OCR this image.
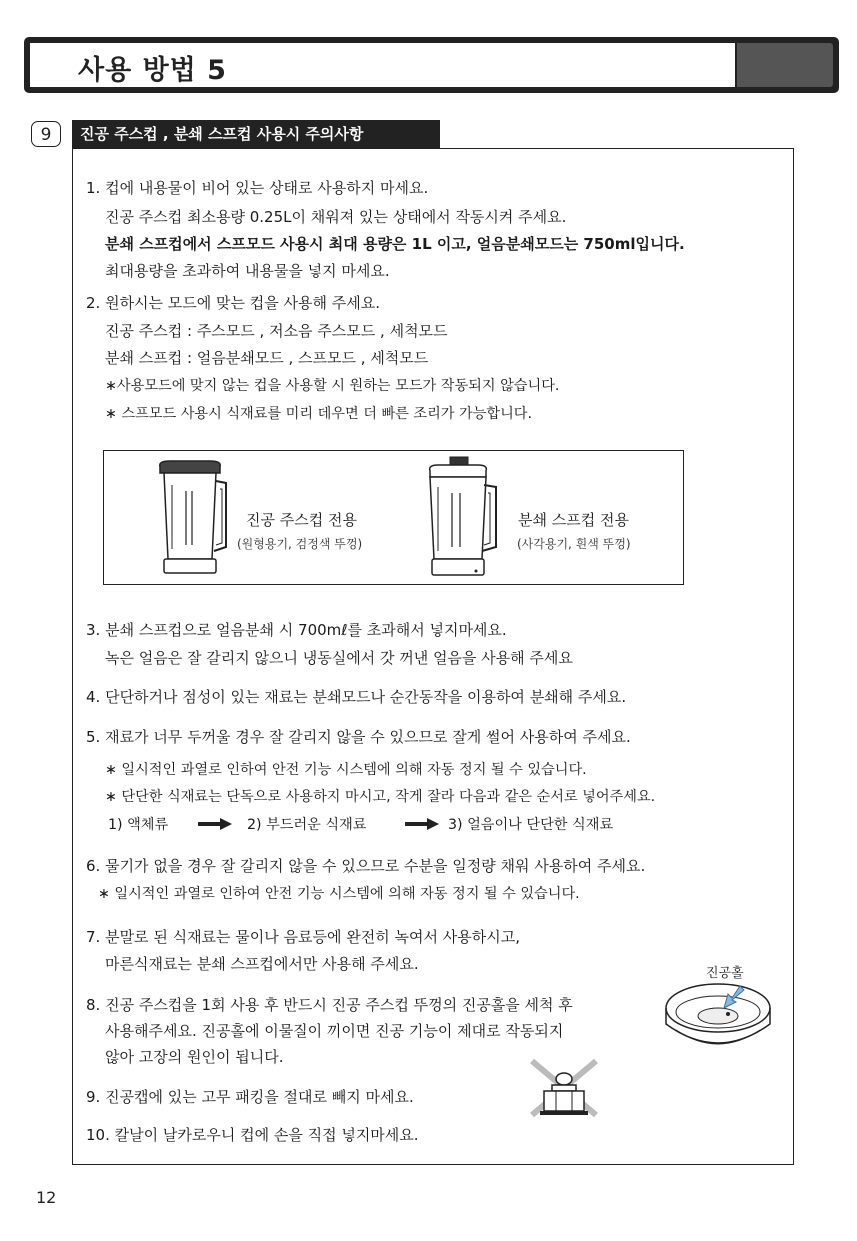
사용 방법 5
9	진공 주스컵 , 분쇄 스프컵 사용시 주의사항
1. 컵에 내용물이 비어 있는 상태로 사용하지 마세요.
진공 주스컵 최소용량 0.25L이 채워져 있는 상태에서 작동시켜 주세요.
분쇄 스프컵에서 스프모드 사용시 최대 용량은 1L 이고, 얼음분쇄모드는 750ml입니다.
최대용량을 초과하여 내용물을 넣지 마세요.
2. 원하시는 모드에 맞는 컵을 사용해 주세요.
진공 주스컵 : 주스모드 , 저소음 주스모드 , 세척모드
분쇄 스프컵 : 얼음분쇄모드 , 스프모드 , 세척모드
∗사용모드에 맞지 않는 컵을 사용할 시 원하는 모드가 작동되지 않습니다.
∗ 스프모드 사용시 식재료를 미리 데우면 더 빠른 조리가 가능합니다.
진공 주스컵 전용
(원형용기, 검정색 뚜껑)
분쇄 스프컵 전용
(사각용기, 흰색 뚜껑)
3. 분쇄 스프컵으로 얼음분쇄 시 700mℓ를 초과해서 넣지마세요.
녹은 얼음은 잘 갈리지 않으니 냉동실에서 갓 꺼낸 얼음을 사용해 주세요
4. 단단하거나 점성이 있는 재료는 분쇄모드나 순간동작을 이용하여 분쇄해 주세요.
5. 재료가 너무 두꺼울 경우 잘 갈리지 않을 수 있으므로 잘게 썰어 사용하여 주세요.
∗ 일시적인 과열로 인하여 안전 기능 시스템에 의해 자동 정지 될 수 있습니다.
∗ 단단한 식재료는 단독으로 사용하지 마시고, 작게 잘라 다음과 같은 순서로 넣어주세요.
1) 액체류	2) 부드러운 식재료	3) 얼음이나 단단한 식재료
6. 물기가 없을 경우 잘 갈리지 않을 수 있으므로 수분을 일정량 채워 사용하여 주세요.
∗ 일시적인 과열로 인하여 안전 기능 시스템에 의해 자동 정지 될 수 있습니다.
7. 분말로 된 식재료는 물이나 음료등에 완전히 녹여서 사용하시고,
마른식재료는 분쇄 스프컵에서만 사용해 주세요.
진공홀
8. 진공 주스컵을 1회 사용 후 반드시 진공 주스컵 뚜껑의 진공홀을 세척 후
사용해주세요. 진공홀에 이물질이 끼이면 진공 기능이 제대로 작동되지
않아 고장의 원인이 됩니다.
9. 진공캡에 있는 고무 패킹을 절대로 빼지 마세요.
10. 칼날이 날카로우니 컵에 손을 직접 넣지마세요.
12
